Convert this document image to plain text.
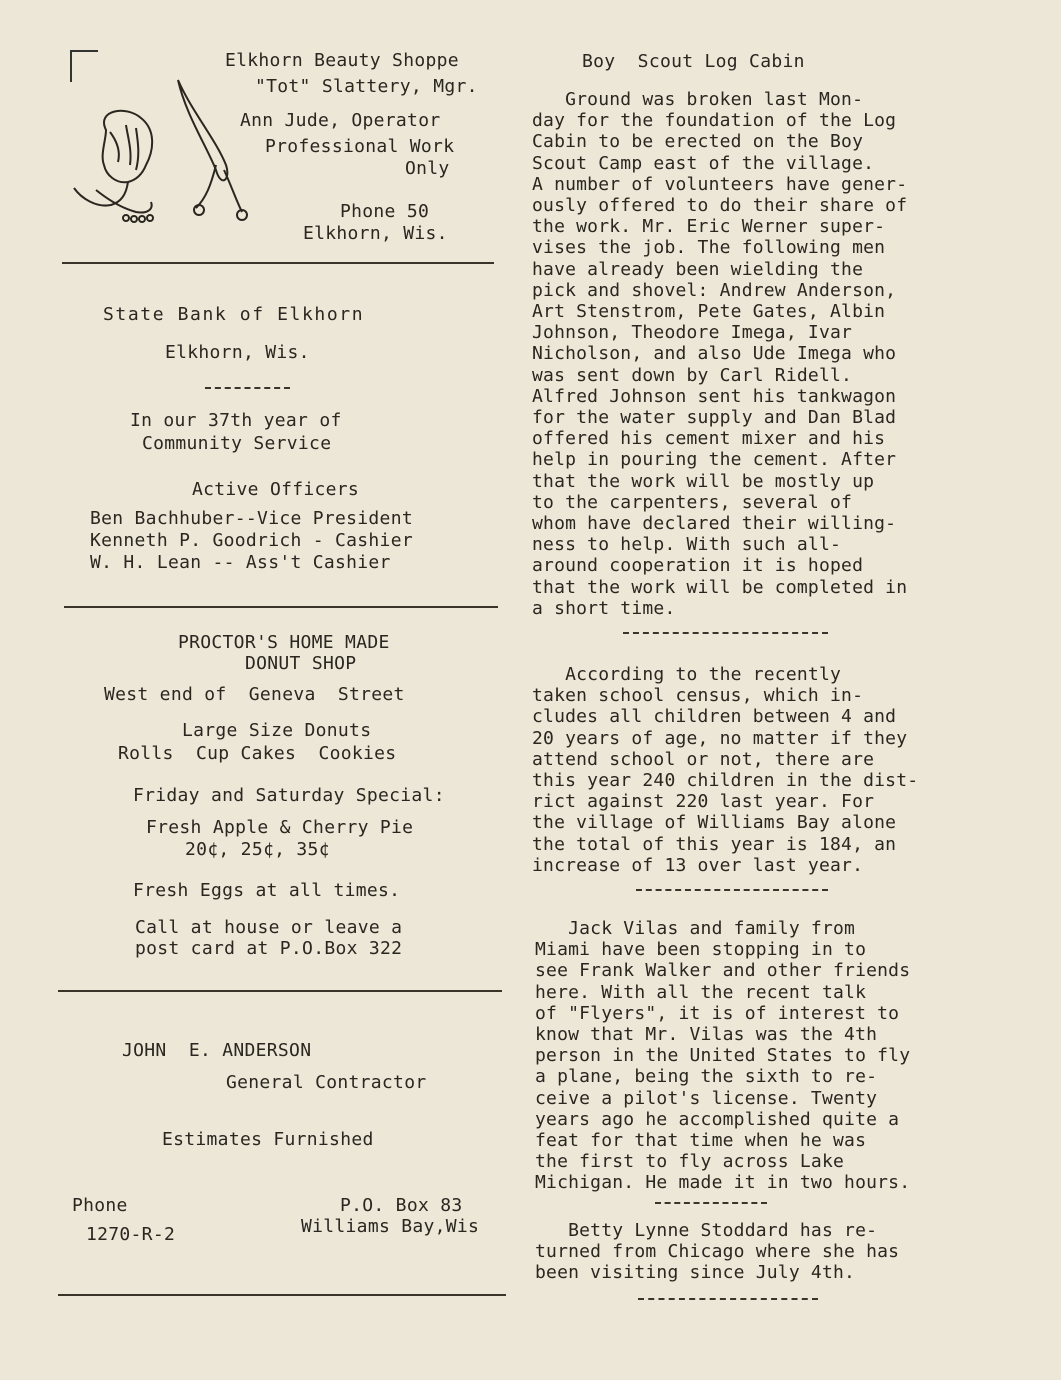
Elkhorn Beauty Shoppe
"Tot" Slattery, Mgr.
Ann Jude, Operator
Professional Work
Only
Phone 50
Elkhorn, Wis.
State Bank of Elkhorn
Elkhorn, Wis.
In our 37th year of
Community Service
Active Officers
Ben Bachhuber--Vice President
Kenneth P. Goodrich - Cashier
W. H. Lean -- Ass't Cashier
PROCTOR'S HOME MADE
DONUT SHOP
West end of  Geneva  Street
Large Size Donuts
Rolls  Cup Cakes  Cookies
Friday and Saturday Special:
Fresh Apple & Cherry Pie
20¢, 25¢, 35¢
Fresh Eggs at all times.
Call at house or leave a
post card at P.O.Box 322
JOHN  E. ANDERSON
General Contractor
Estimates Furnished
Phone
1270-R-2
P.O. Box 83
Williams Bay,Wis
Boy  Scout Log Cabin

Ground was broken last Mon-

day for the foundation of the Log

Cabin to be erected on the Boy

Scout Camp east of the village.

A number of volunteers have gener-

ously offered to do their share of

the work. Mr. Eric Werner super-

vises the job. The following men

have already been wielding the

pick and shovel: Andrew Anderson,

Art Stenstrom, Pete Gates, Albin

Johnson, Theodore Imega, Ivar

Nicholson, and also Ude Imega who

was sent down by Carl Ridell.

Alfred Johnson sent his tankwagon

for the water supply and Dan Blad

offered his cement mixer and his

help in pouring the cement. After

that the work will be mostly up

to the carpenters, several of

whom have declared their willing-

ness to help. With such all-

around cooperation it is hoped

that the work will be completed in

a short time.

According to the recently

taken school census, which in-

cludes all children between 4 and

20 years of age, no matter if they

attend school or not, there are

this year 240 children in the dist-

rict against 220 last year. For

the village of Williams Bay alone

the total of this year is 184, an

increase of 13 over last year.

Jack Vilas and family from

Miami have been stopping in to

see Frank Walker and other friends

here. With all the recent talk

of "Flyers", it is of interest to

know that Mr. Vilas was the 4th

person in the United States to fly

a plane, being the sixth to re-

ceive a pilot's license. Twenty

years ago he accomplished quite a

feat for that time when he was

the first to fly across Lake

Michigan. He made it in two hours.

Betty Lynne Stoddard has re-

turned from Chicago where she has

been visiting since July 4th.
